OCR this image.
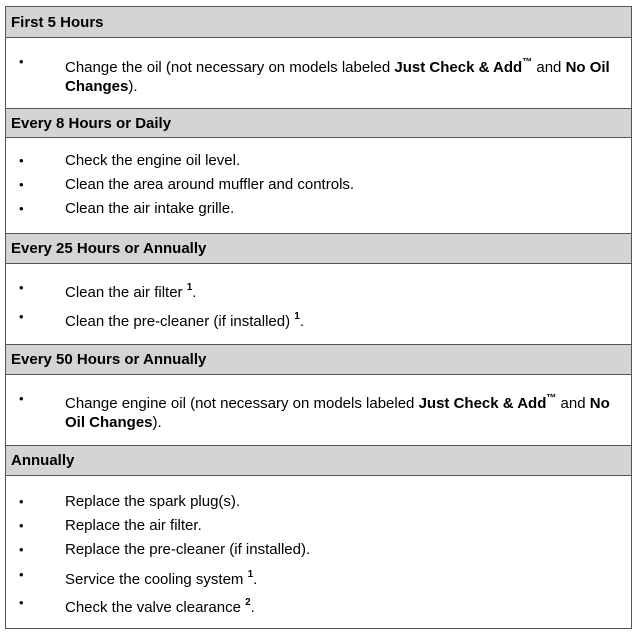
First 5 Hours
•	Change the oil (not necessary on models labeled Just Check & Add™ and No Oil Changes).
Every 8 Hours or Daily
•	Check the engine oil level.
•	Clean the area around muffler and controls.
•	Clean the air intake grille.
Every 25 Hours or Annually
•	Clean the air filter $^1$.
•	Clean the pre-cleaner (if installed) $^1$.
Every 50 Hours or Annually
•	Change engine oil (not necessary on models labeled Just Check & Add™ and No Oil Changes).
Annually
•	Replace the spark plug(s).
•	Replace the air filter.
•	Replace the pre-cleaner (if installed).
•	Service the cooling system $^1$.
•	Check the valve clearance $^2$.
